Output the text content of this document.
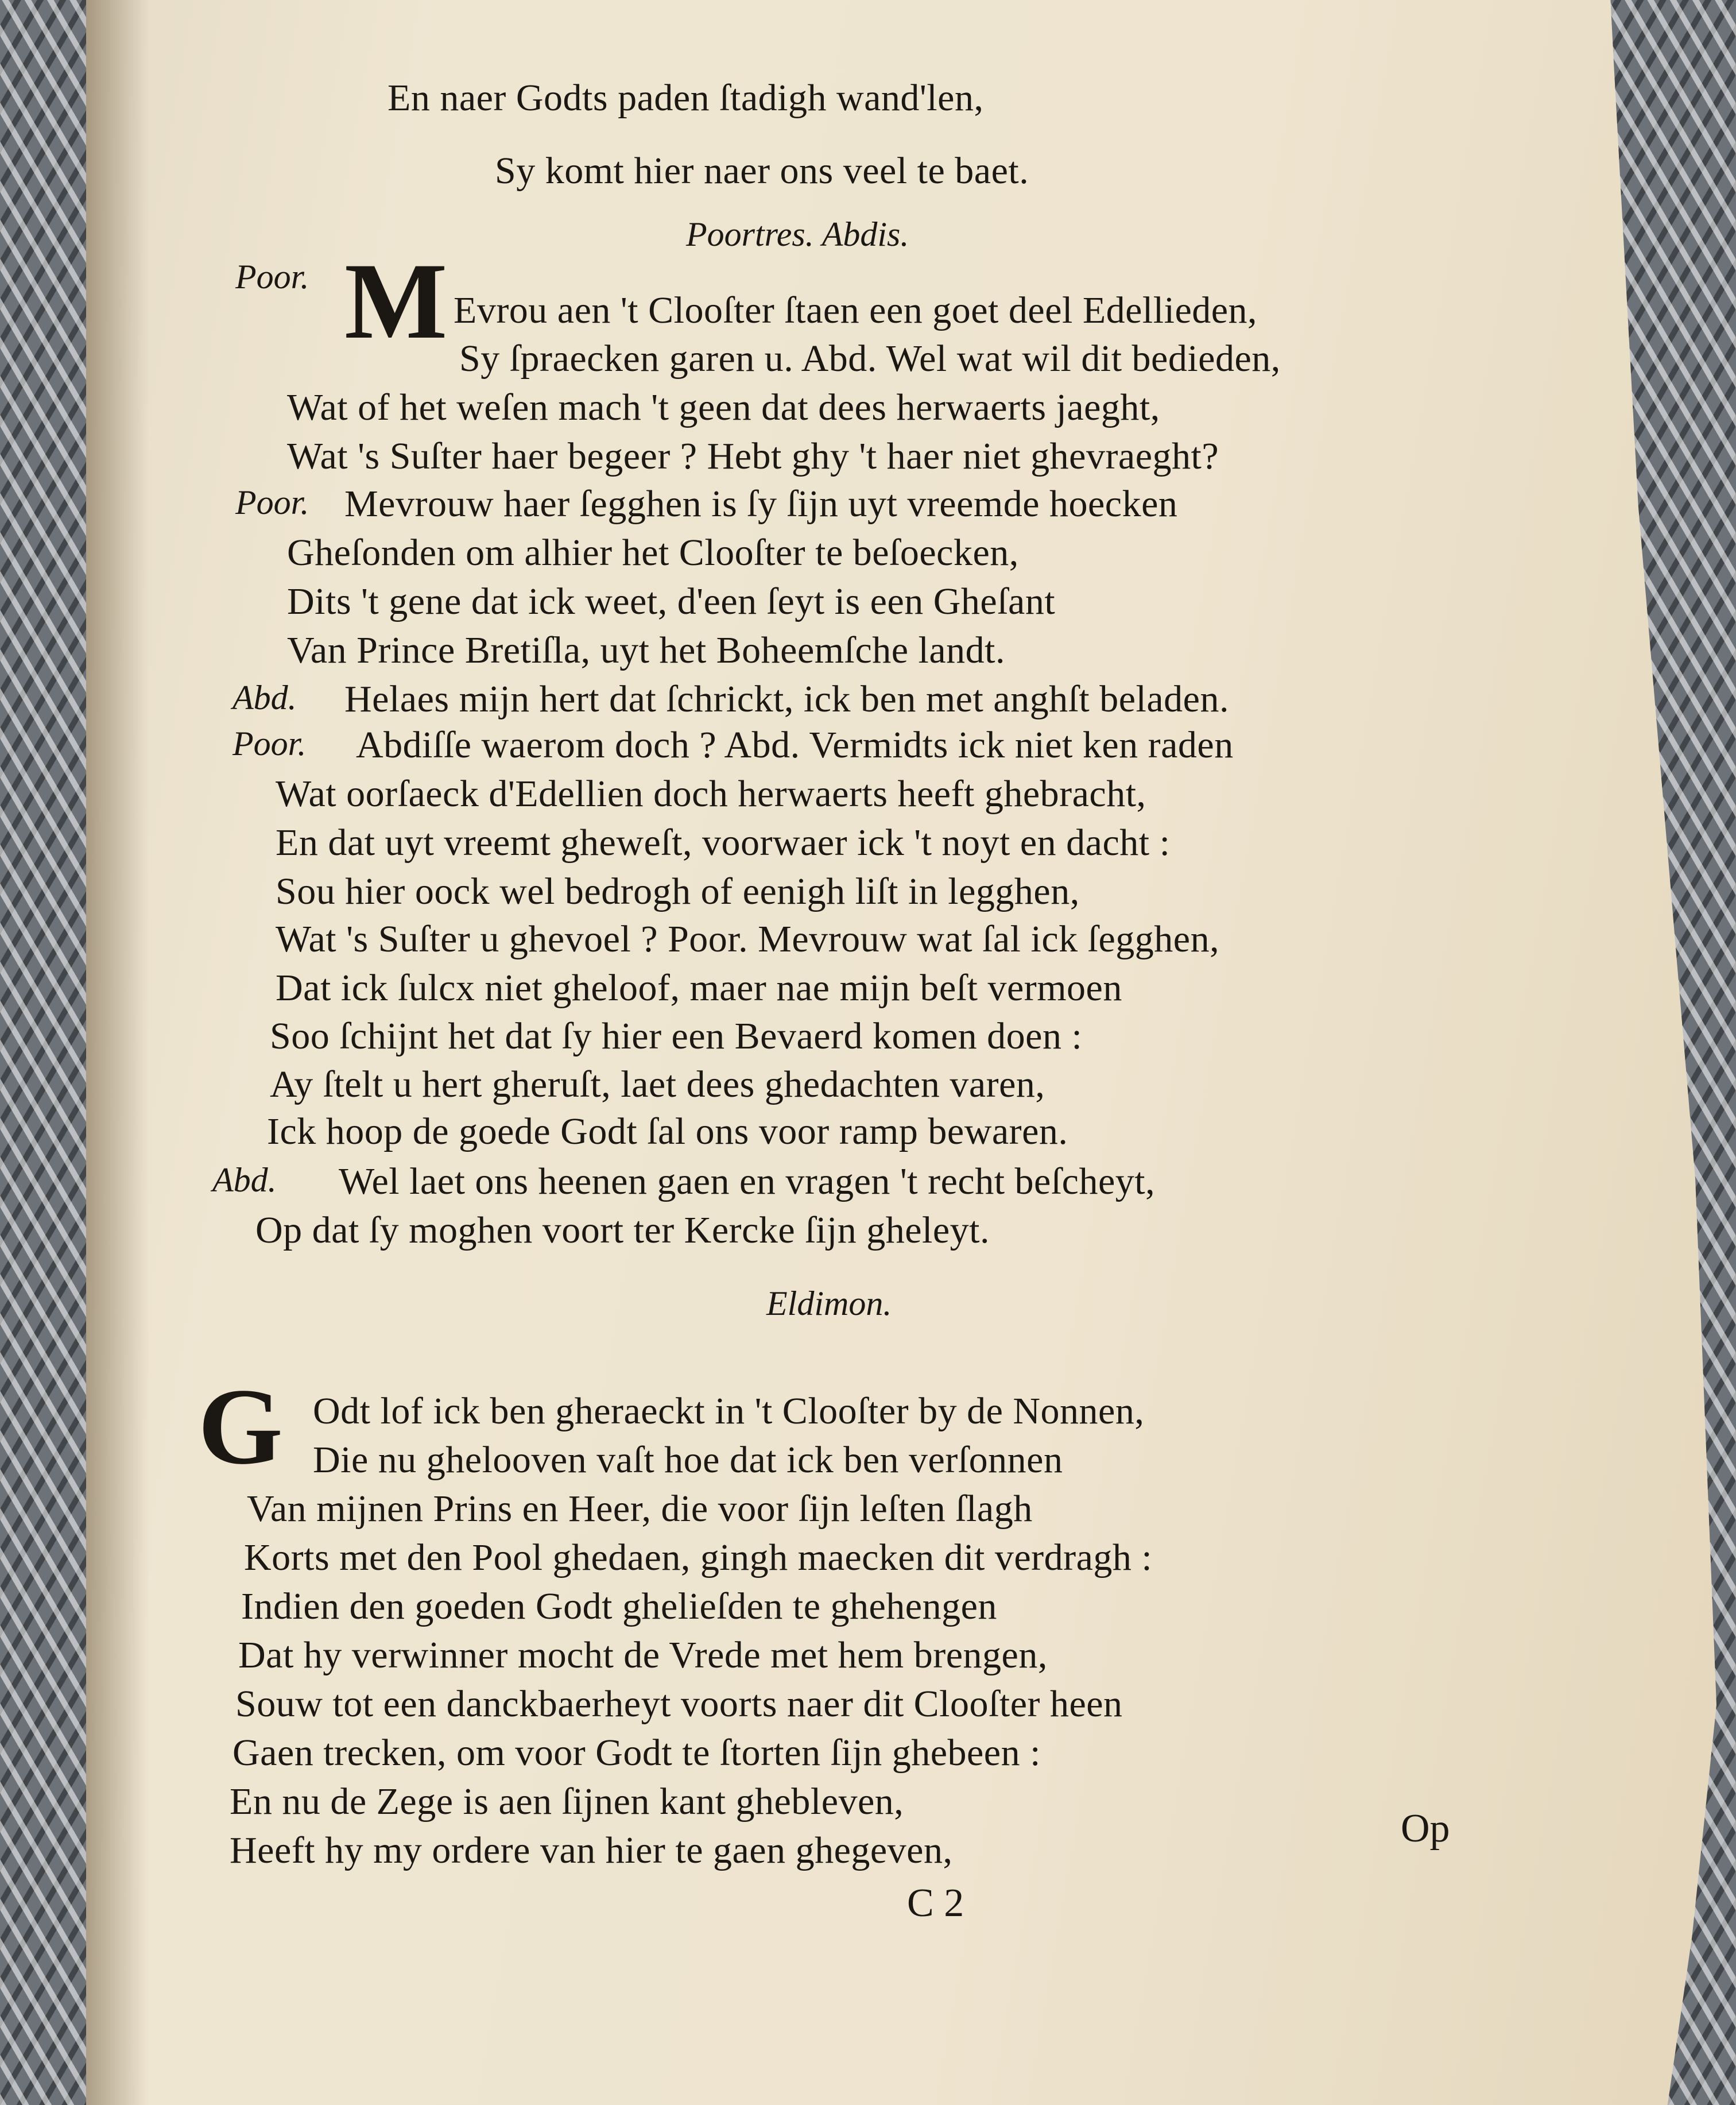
En naer Godts paden ſtadigh wand'len,
Sy komt hier naer ons veel te baet.
Poortres. Abdis.
M
Poor.
Evrou aen 't Clooſter ſtaen een goet deel Edellieden,
Sy ſpraecken garen u. Abd. Wel wat wil dit bedieden,
Wat of het weſen mach 't geen dat dees herwaerts jaeght,
Wat 's Suſter haer begeer ? Hebt ghy 't haer niet ghevraeght?
Poor. Mevrouw haer ſegghen is ſy ſijn uyt vreemde hoecken
Gheſonden om alhier het Clooſter te beſoecken,
Dits 't gene dat ick weet, d'een ſeyt is een Gheſant
Van Prince Bretiſla, uyt het Boheemſche landt.
Abd. Helaes mijn hert dat ſchrickt, ick ben met anghſt beladen.
Poor. Abdiſſe waerom doch ? Abd. Vermidts ick niet ken raden
Wat oorſaeck d'Edellien doch herwaerts heeft ghebracht,
En dat uyt vreemt gheweſt, voorwaer ick 't noyt en dacht :
Sou hier oock wel bedrogh of eenigh liſt in legghen,
Wat 's Suſter u ghevoel ? Poor. Mevrouw wat ſal ick ſegghen,
Dat ick ſulcx niet gheloof, maer nae mijn beſt vermoen
Soo ſchijnt het dat ſy hier een Bevaerd komen doen :
Ay ſtelt u hert gheruſt, laet dees ghedachten varen,
Ick hoop de goede Godt ſal ons voor ramp bewaren.
Abd. Wel laet ons heenen gaen en vragen 't recht beſcheyt,
Op dat ſy moghen voort ter Kercke ſijn gheleyt.
Eldimon.
G Odt lof ick ben gheraeckt in 't Clooſter by de Nonnen,
Die nu ghelooven vaſt hoe dat ick ben verſonnen
Van mijnen Prins en Heer, die voor ſijn leſten ſlagh
Korts met den Pool ghedaen, gingh maecken dit verdragh :
Indien den goeden Godt ghelieſden te ghehengen
Dat hy verwinner mocht de Vrede met hem brengen,
Souw tot een danckbaerheyt voorts naer dit Clooſter heen
Gaen trecken, om voor Godt te ſtorten ſijn ghebeen :
En nu de Zege is aen ſijnen kant ghebleven,
Heeft hy my ordere van hier te gaen ghegeven,
C 2
Op
